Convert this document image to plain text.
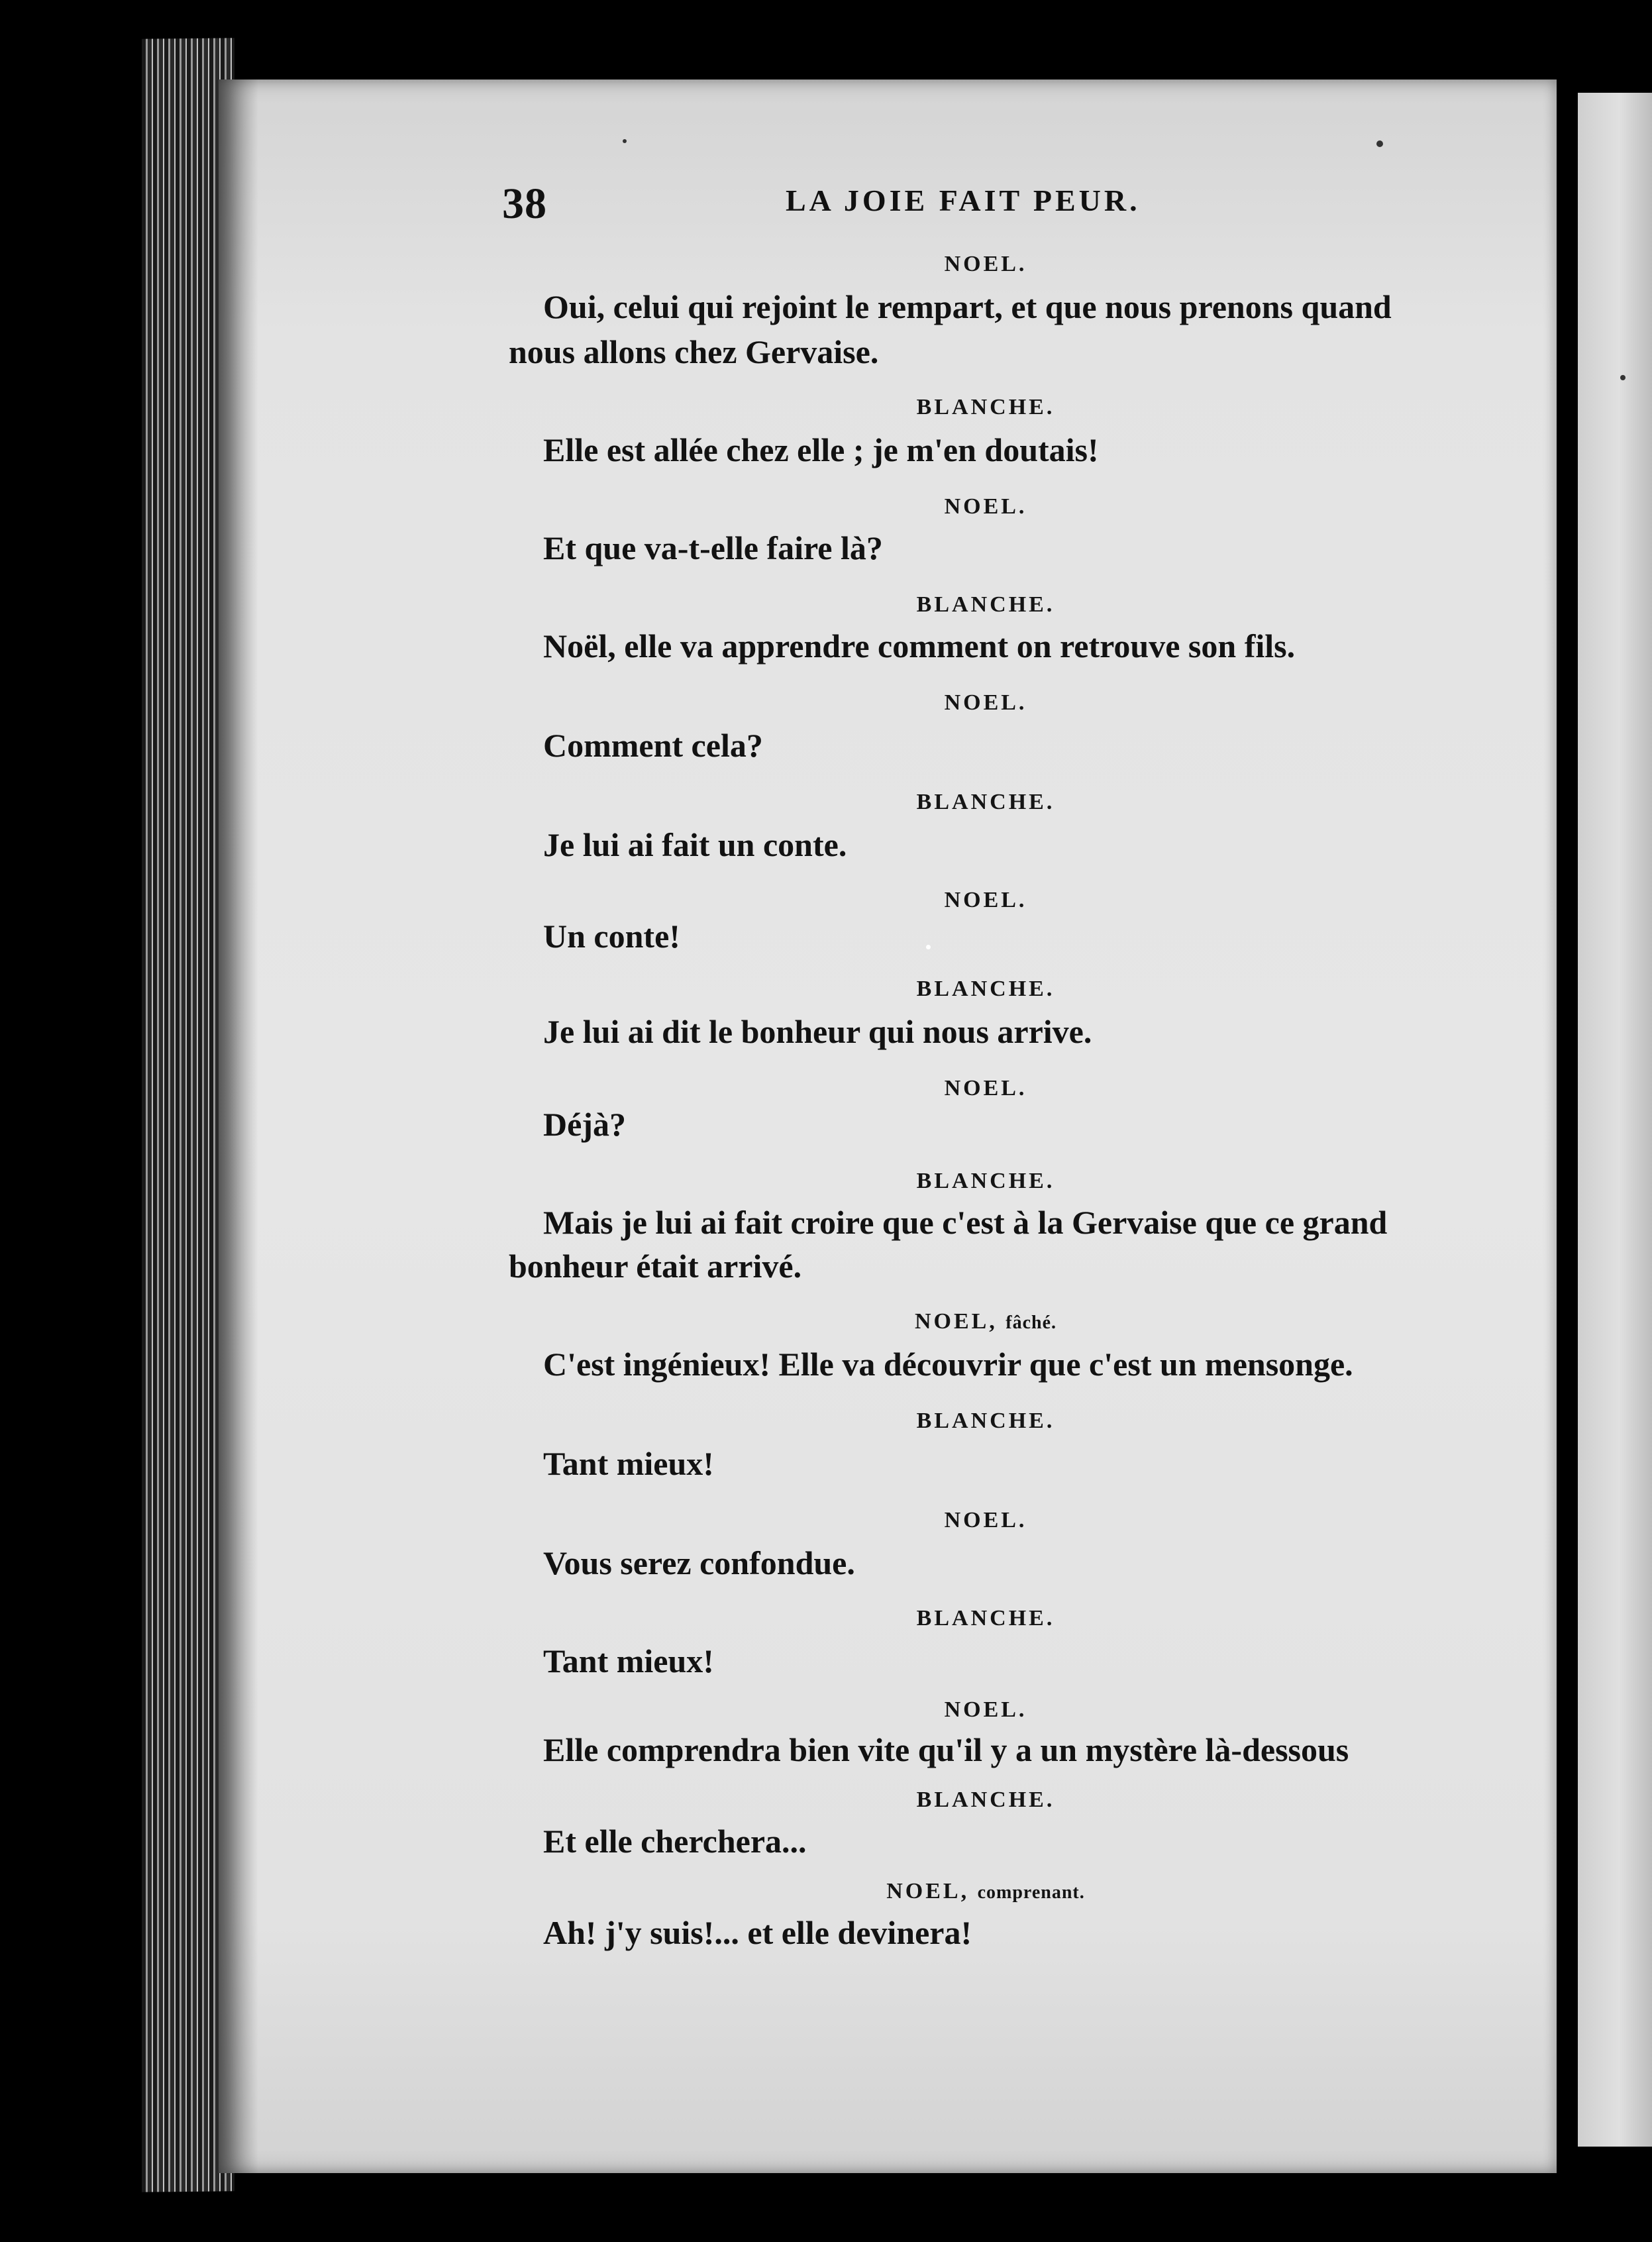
38	LA JOIE FAIT PEUR.
NOEL.
Oui, celui qui rejoint le rempart, et que nous prenons quand
nous allons chez Gervaise.
BLANCHE.
Elle est allée chez elle ; je m'en doutais!
NOEL.
Et que va-t-elle faire là?
BLANCHE.
Noël, elle va apprendre comment on retrouve son fils.
NOEL.
Comment cela?
BLANCHE.
Je lui ai fait un conte.
NOEL.
Un conte!
BLANCHE.
Je lui ai dit le bonheur qui nous arrive.
NOEL.
Déjà?
BLANCHE.
Mais je lui ai fait croire que c'est à la Gervaise que ce grand
bonheur était arrivé.
NOEL, fâché.
C'est ingénieux! Elle va découvrir que c'est un mensonge.
BLANCHE.
Tant mieux!
NOEL.
Vous serez confondue.
BLANCHE.
Tant mieux!
NOEL.
Elle comprendra bien vite qu'il y a un mystère là-dessous
BLANCHE.
Et elle cherchera...
NOEL, comprenant.
Ah! j'y suis!... et elle devinera!
